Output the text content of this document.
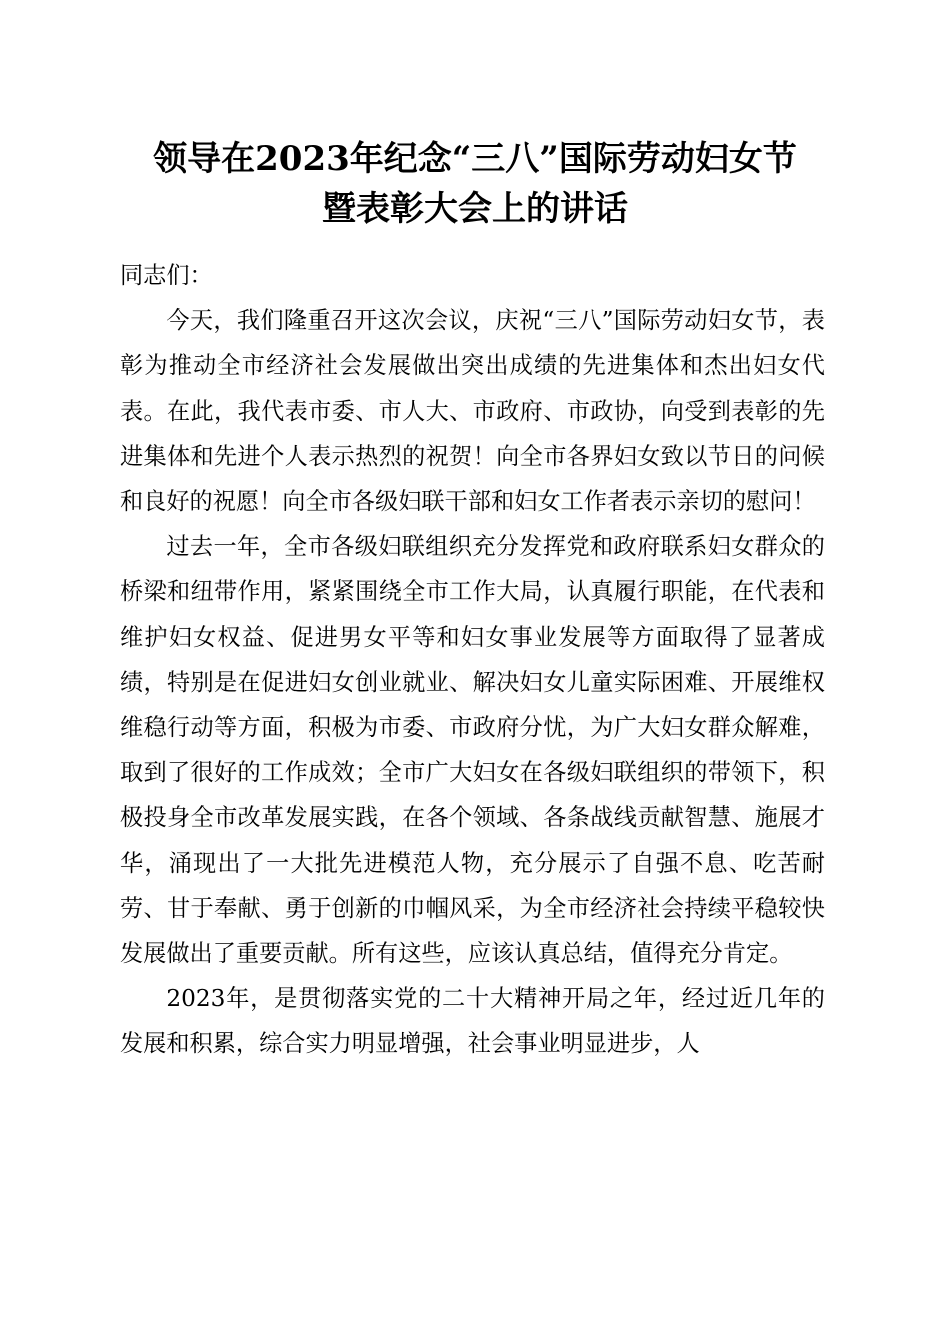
领导在2023年纪念“三八”国际劳动妇女节
暨表彰大会上的讲话

同志们：

今天，我们隆重召开这次会议，庆祝“三八”国际劳动妇女节，表彰为推动全市经济社会发展做出突出成绩的先进集体和杰出妇女代表。在此，我代表市委、市人大、市政府、市政协，向受到表彰的先进集体和先进个人表示热烈的祝贺！向全市各界妇女致以节日的问候和良好的祝愿！向全市各级妇联干部和妇女工作者表示亲切的慰问！

过去一年，全市各级妇联组织充分发挥党和政府联系妇女群众的桥梁和纽带作用，紧紧围绕全市工作大局，认真履行职能，在代表和维护妇女权益、促进男女平等和妇女事业发展等方面取得了显著成绩，特别是在促进妇女创业就业、解决妇女儿童实际困难、开展维权维稳行动等方面，积极为市委、市政府分忧，为广大妇女群众解难，取到了很好的工作成效；全市广大妇女在各级妇联组织的带领下，积极投身全市改革发展实践，在各个领域、各条战线贡献智慧、施展才华，涌现出了一大批先进模范人物，充分展示了自强不息、吃苦耐劳、甘于奉献、勇于创新的巾帼风采，为全市经济社会持续平稳较快发展做出了重要贡献。所有这些，应该认真总结，值得充分肯定。

2023年，是贯彻落实党的二十大精神开局之年，经过近几年的发展和积累，综合实力明显增强，社会事业明显进步，人
